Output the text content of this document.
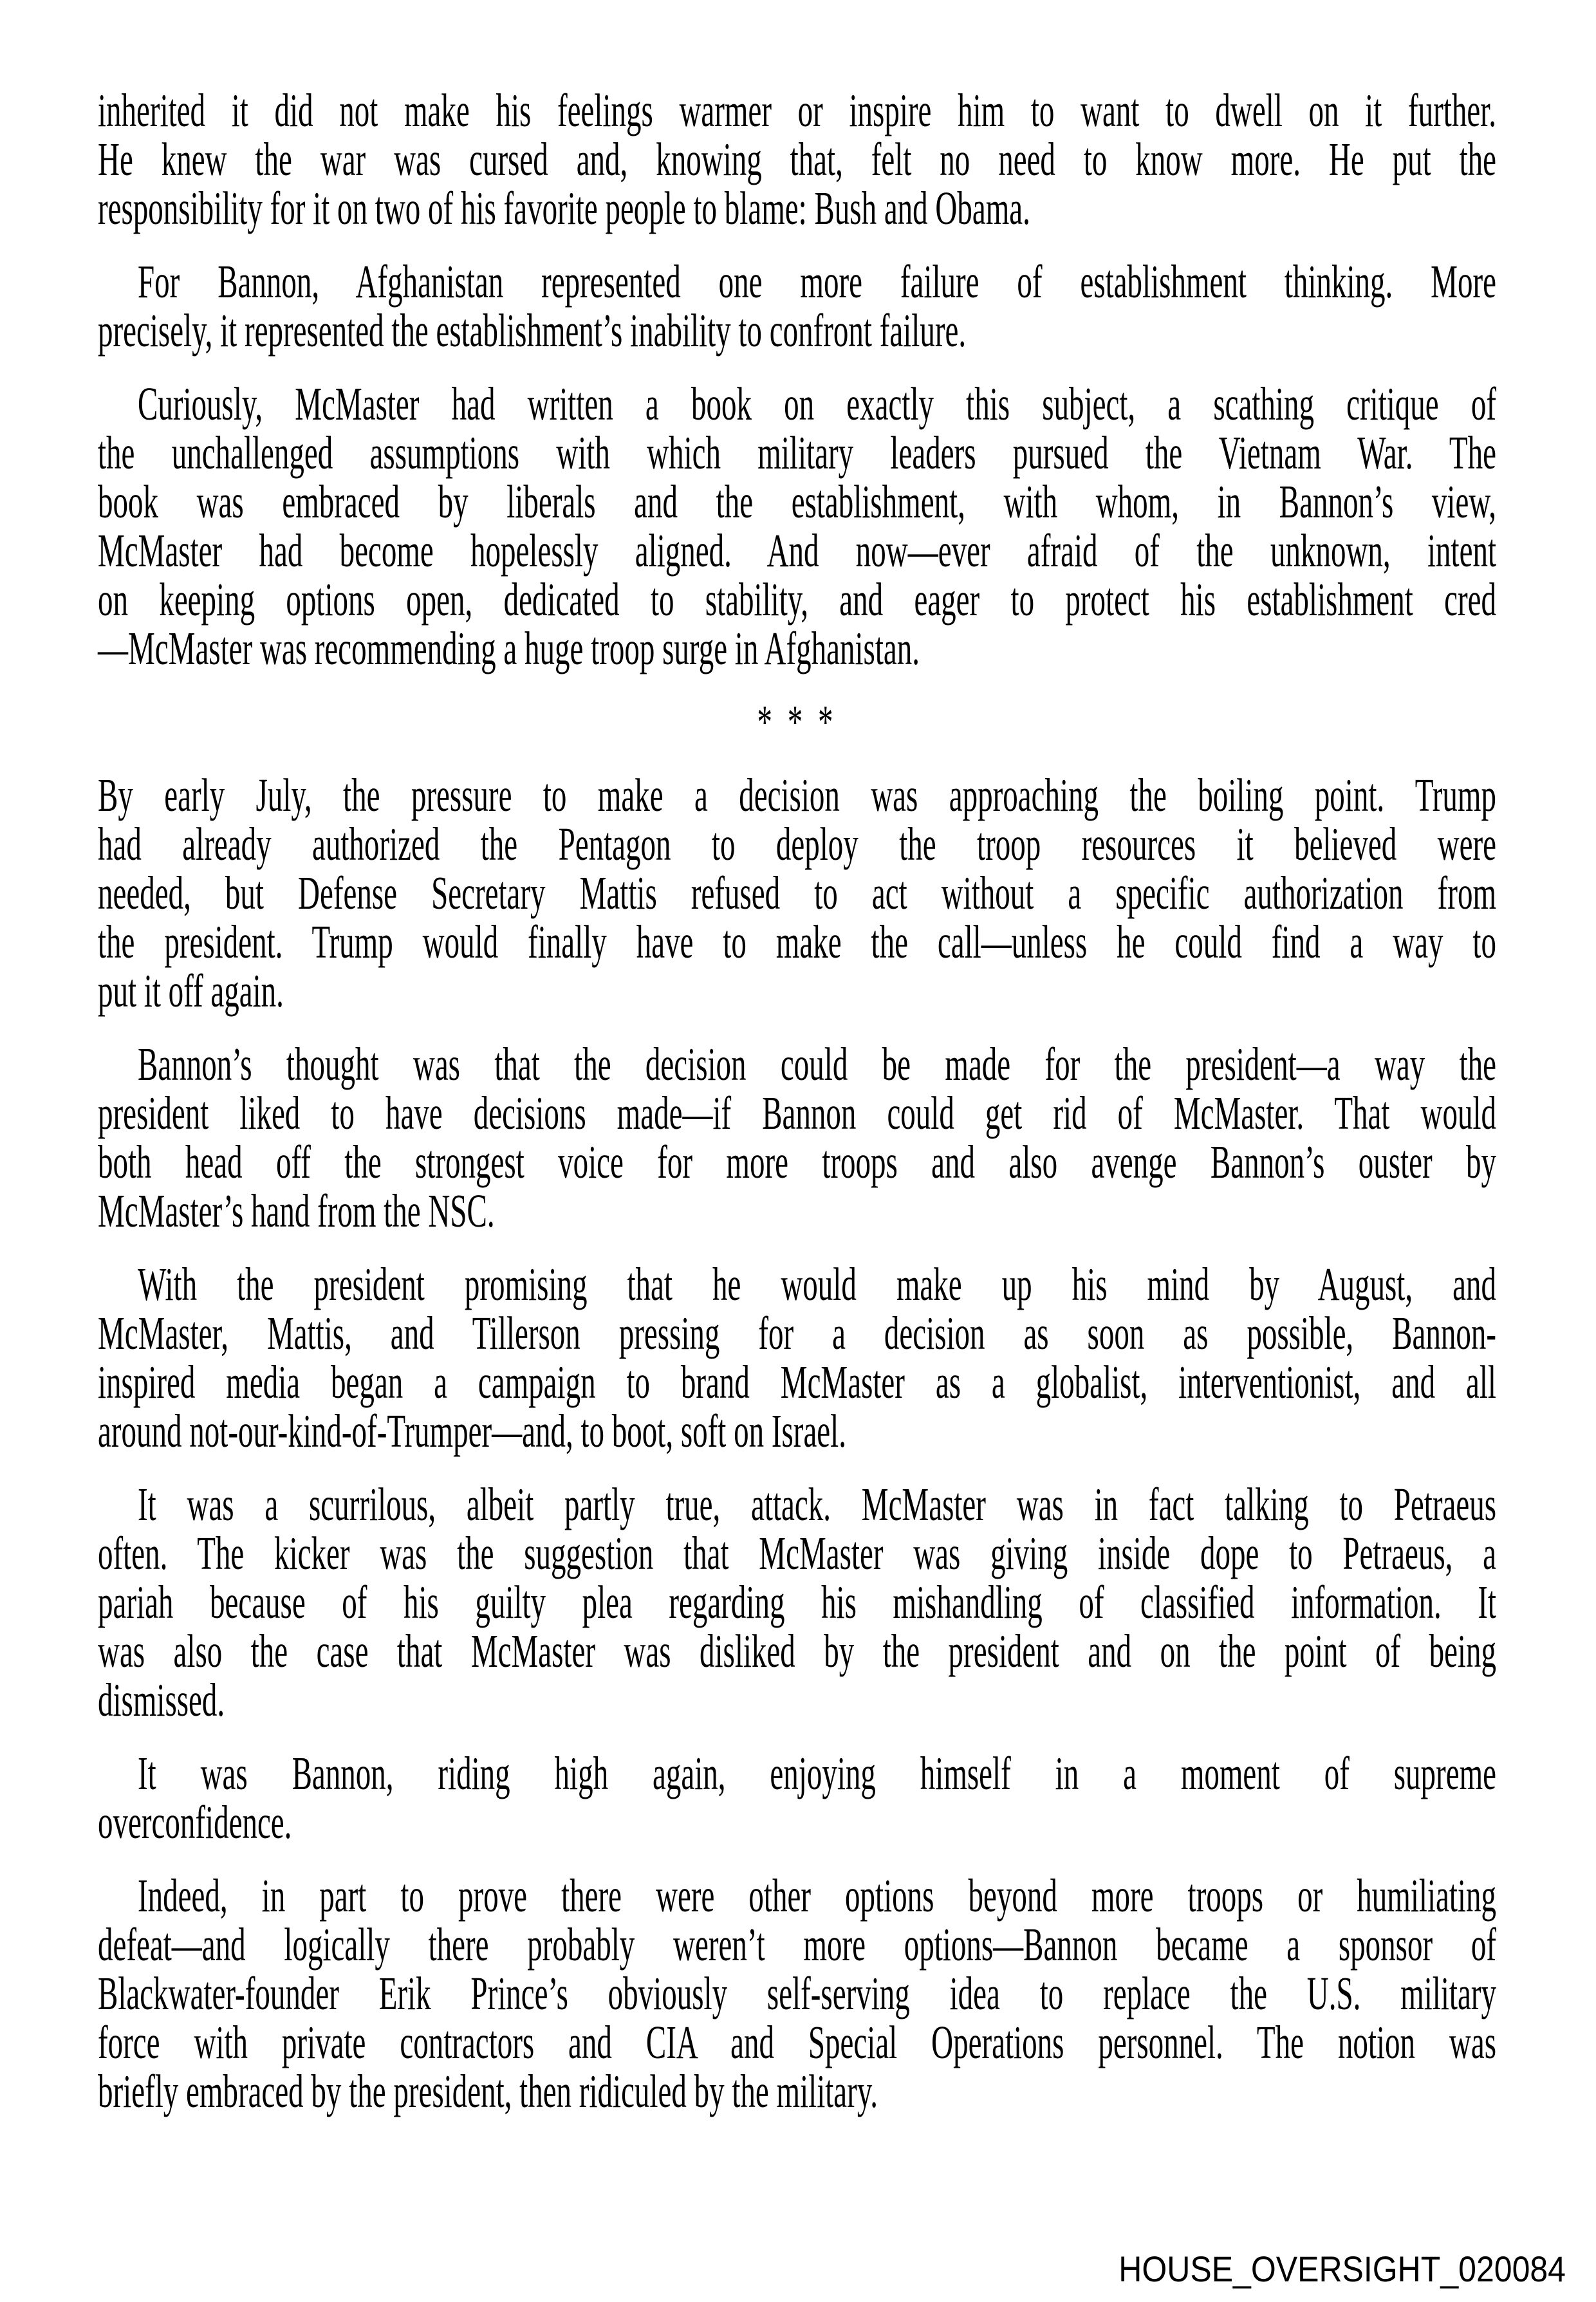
inherited it did not make his feelings warmer or inspire him to want to dwell on it further.
He knew the war was cursed and, knowing that, felt no need to know more. He put the
responsibility for it on two of his favorite people to blame: Bush and Obama.
For Bannon, Afghanistan represented one more failure of establishment thinking. More
precisely, it represented the establishment’s inability to confront failure.
Curiously, McMaster had written a book on exactly this subject, a scathing critique of
the unchallenged assumptions with which military leaders pursued the Vietnam War. The
book was embraced by liberals and the establishment, with whom, in Bannon’s view,
McMaster had become hopelessly aligned. And now—ever afraid of the unknown, intent
on keeping options open, dedicated to stability, and eager to protect his establishment cred
—McMaster was recommending a huge troop surge in Afghanistan.
* * *
By early July, the pressure to make a decision was approaching the boiling point. Trump
had already authorized the Pentagon to deploy the troop resources it believed were
needed, but Defense Secretary Mattis refused to act without a specific authorization from
the president. Trump would finally have to make the call—unless he could find a way to
put it off again.
Bannon’s thought was that the decision could be made for the president—a way the
president liked to have decisions made—if Bannon could get rid of McMaster. That would
both head off the strongest voice for more troops and also avenge Bannon’s ouster by
McMaster’s hand from the NSC.
With the president promising that he would make up his mind by August, and
McMaster, Mattis, and Tillerson pressing for a decision as soon as possible, Bannon-
inspired media began a campaign to brand McMaster as a globalist, interventionist, and all
around not-our-kind-of-Trumper—and, to boot, soft on Israel.
It was a scurrilous, albeit partly true, attack. McMaster was in fact talking to Petraeus
often. The kicker was the suggestion that McMaster was giving inside dope to Petraeus, a
pariah because of his guilty plea regarding his mishandling of classified information. It
was also the case that McMaster was disliked by the president and on the point of being
dismissed.
It was Bannon, riding high again, enjoying himself in a moment of supreme
overconfidence.
Indeed, in part to prove there were other options beyond more troops or humiliating
defeat—and logically there probably weren’t more options—Bannon became a sponsor of
Blackwater-founder Erik Prince’s obviously self-serving idea to replace the U.S. military
force with private contractors and CIA and Special Operations personnel. The notion was
briefly embraced by the president, then ridiculed by the military.
HOUSE_OVERSIGHT_020084
